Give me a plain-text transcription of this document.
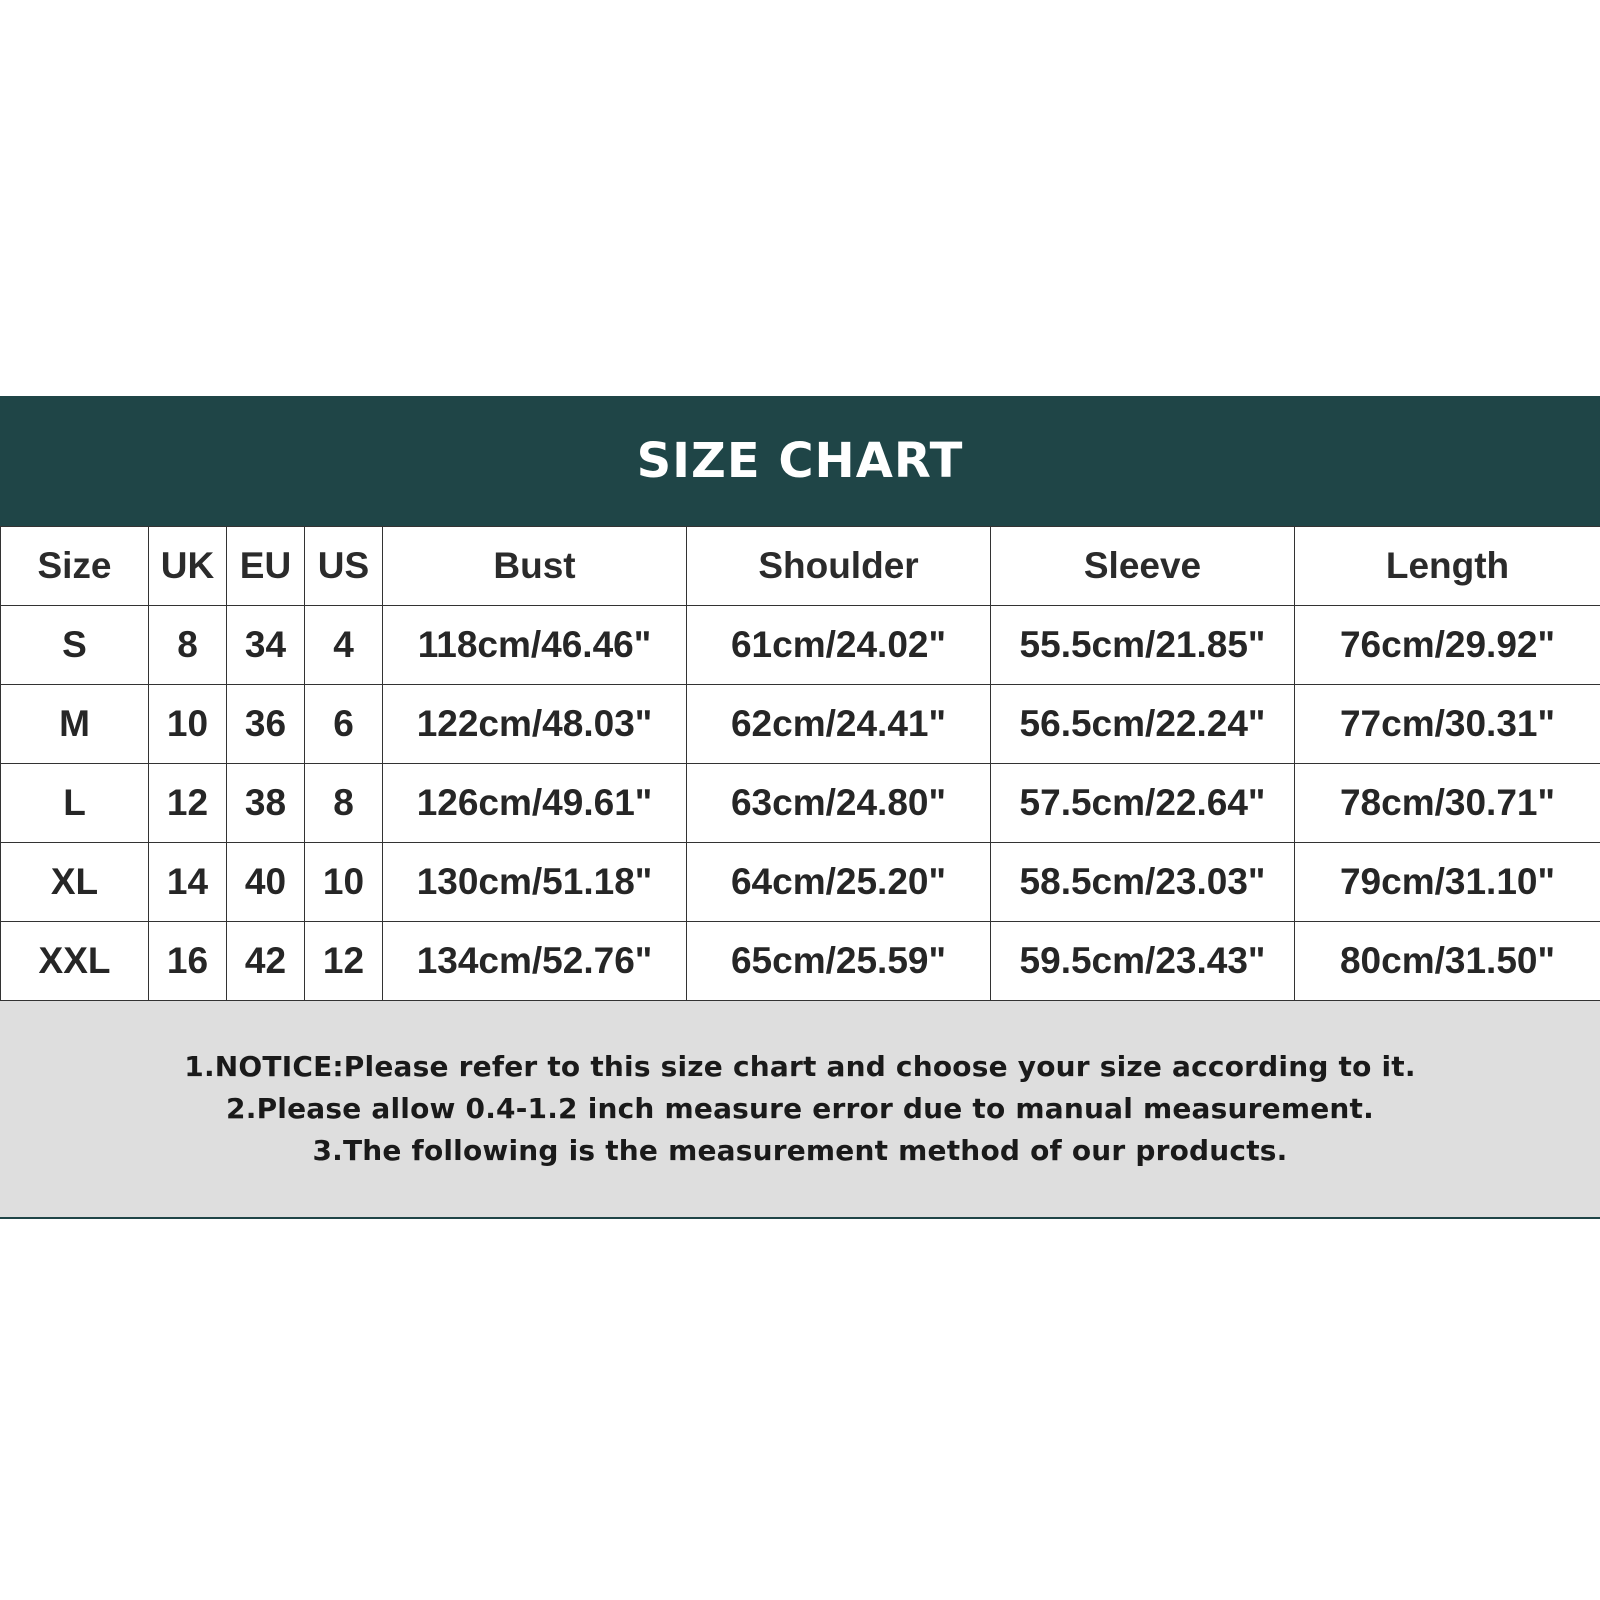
SIZE CHART
Size	UK	EU	US	Bust	Shoulder	Sleeve	Length
S	8	34	4	118cm/46.46"	61cm/24.02"	55.5cm/21.85"	76cm/29.92"
M	10	36	6	122cm/48.03"	62cm/24.41"	56.5cm/22.24"	77cm/30.31"
L	12	38	8	126cm/49.61"	63cm/24.80"	57.5cm/22.64"	78cm/30.71"
XL	14	40	10	130cm/51.18"	64cm/25.20"	58.5cm/23.03"	79cm/31.10"
XXL	16	42	12	134cm/52.76"	65cm/25.59"	59.5cm/23.43"	80cm/31.50"
1.NOTICE:Please refer to this size chart and choose your size according to it.
2.Please allow 0.4-1.2 inch measure error due to manual measurement.
3.The following is the measurement method of our products.
